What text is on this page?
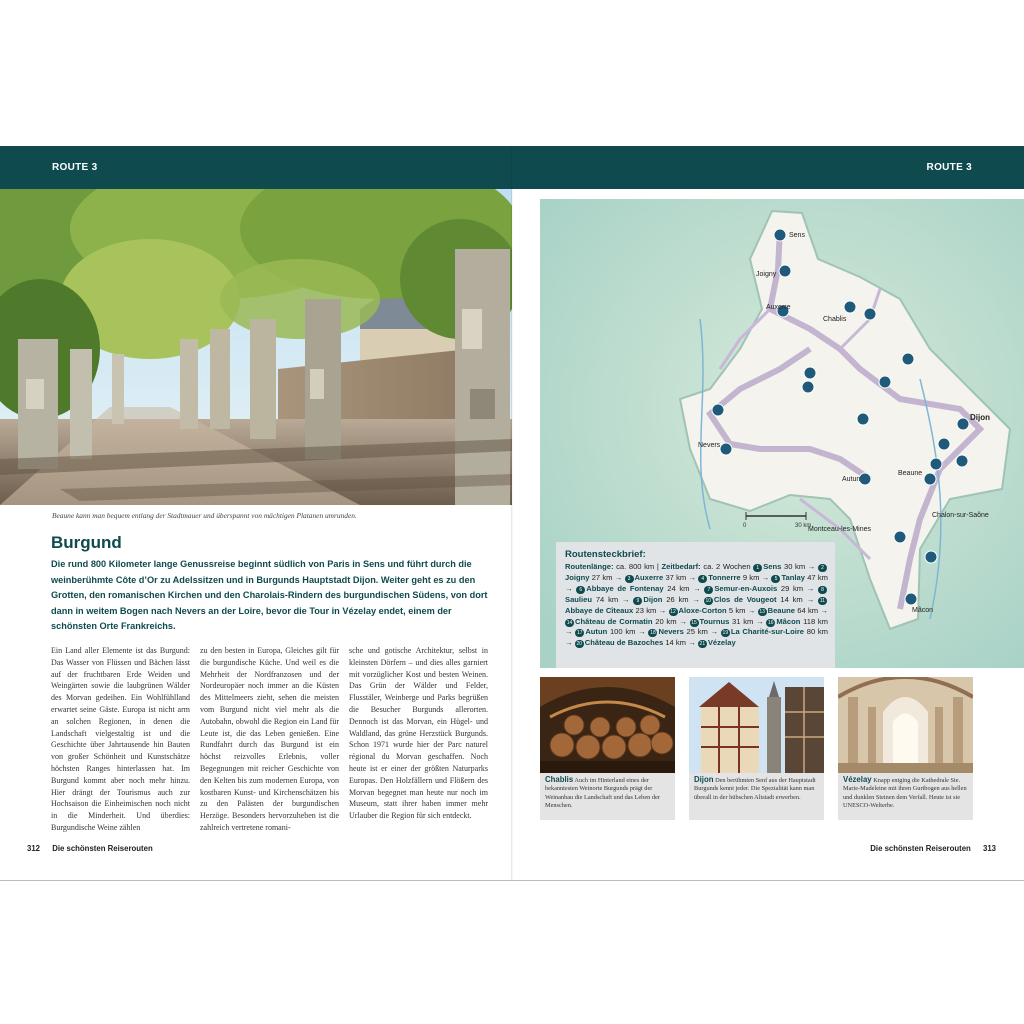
ROUTE 3
Beaune kann man bequem entlang der Stadtmauer und überspannt von mächtigen Platanen umrunden.
Burgund

Die rund 800 Kilometer lange Genussreise beginnt südlich von Paris in Sens und führt durch die weinberühmte Côte d’Or zu Adelssitzen und in Burgunds Hauptstadt Dijon. Weiter geht es zu den Grotten, den romanischen Kirchen und den Charolais-Rindern des burgundischen Südens, von dort dann in weitem Bogen nach Nevers an der Loire, bevor die Tour in Vézelay endet, einem der schönsten Orte Frankreichs.

Ein Land aller Elemente ist das Burgund: Das Wasser von Flüssen und Bächen lässt auf der fruchtbaren Erde Weiden und Weingärten sowie die laubgrünen Wälder des Morvan gedeihen. Ein Wohlfühlland erwartet seine Gäste. Europa ist nicht arm an solchen Regionen, in denen die Landschaft vielgestaltig ist und die Geschichte über Jahrtausende hin Bauten von großer Schönheit und Kunstschätze höchsten Ranges hinterlassen hat. Im Burgund kommt aber noch mehr hinzu. Hier drängt der Tourismus auch zur Hochsaison die Einheimischen noch nicht in die Minderheit. Und überdies: Burgundische Weine zählen

zu den besten in Europa, Gleiches gilt für die burgundische Küche. Und weil es die Mehrheit der Nordfranzosen und der Nordeuropäer noch immer an die Küsten des Mittelmeers zieht, sehen die meisten vom Burgund nicht viel mehr als die Autobahn, obwohl die Region ein Land für Leute ist, die das Leben genießen. Eine Rundfahrt durch das Burgund ist ein höchst reizvolles Erlebnis, voller Begegnungen mit reicher Geschichte von den Kelten bis zum modernen Europa, von kostbaren Kunst- und Kirchenschätzen bis zu den Palästen der burgundischen Herzöge. Besonders hervorzuheben ist die zahlreich vertretene romani-

sche und gotische Architektur, selbst in kleinsten Dörfern – und dies alles garniert mit vorzüglicher Kost und besten Weinen. Das Grün der Wälder und Felder, Flusstäler, Weinberge und Parks begrüßen die Besucher Burgunds allerorten. Dennoch ist das Morvan, ein Hügel- und Waldland, das grüne Herzstück Burgunds. Schon 1971 wurde hier der Parc naturel régional du Morvan geschaffen. Noch heute ist er einer der größten Naturparks Europas. Den Holzfällern und Flößern des Morvan begegnet man heute nur noch im Museum, statt ihrer haben immer mehr Urlauber die Region für sich entdeckt.

312 Die schönsten Reiserouten
ROUTE 3
0	30 km
Sens
Joigny
Auxerre
Chablis
Dijon
Beaune
Nevers
Autun
Chalon-sur-Saône
Montceau-les-Mines
Mâcon
Routensteckbrief:

Routenlänge: ca. 800 km | Zeitbedarf: ca. 2 Wochen 1Sens 30 km → 2Joigny 27 km → 3Auxerre 37 km → 4Tonnerre 9 km → 5Tanlay 47 km → 6Abbaye de Fontenay 24 km → 7Semur-en-Auxois 29 km → 8Saulieu 74 km → 9Dijon 26 km → 10Clos de Vougeot 14 km → 11Abbaye de Cîteaux 23 km → 12Aloxe-Corton 5 km → 13Beaune 64 km → 14Château de Cormatin 20 km → 15Tournus 31 km → 16Mâcon 118 km → 17Autun 100 km → 18Nevers 25 km → 19La Charité-sur-Loire 80 km → 20Château de Bazoches 14 km → 21Vézelay

Chablis Auch im Hinterland eines der bekanntesten Weinorte Burgunds prägt der Weinanbau die Landschaft und das Leben der Menschen.

Dijon Den berühmten Senf aus der Hauptstadt Burgunds kennt jeder. Die Spezialität kann man überall in der hübschen Altstadt erwerben.

Vézelay Knapp entging die Kathedrale Ste. Marie-Madeleine mit ihren Gurtbogen aus hellen und dunklen Steinen dem Verfall. Heute ist sie UNESCO-Welterbe.

Die schönsten Reiserouten 313
